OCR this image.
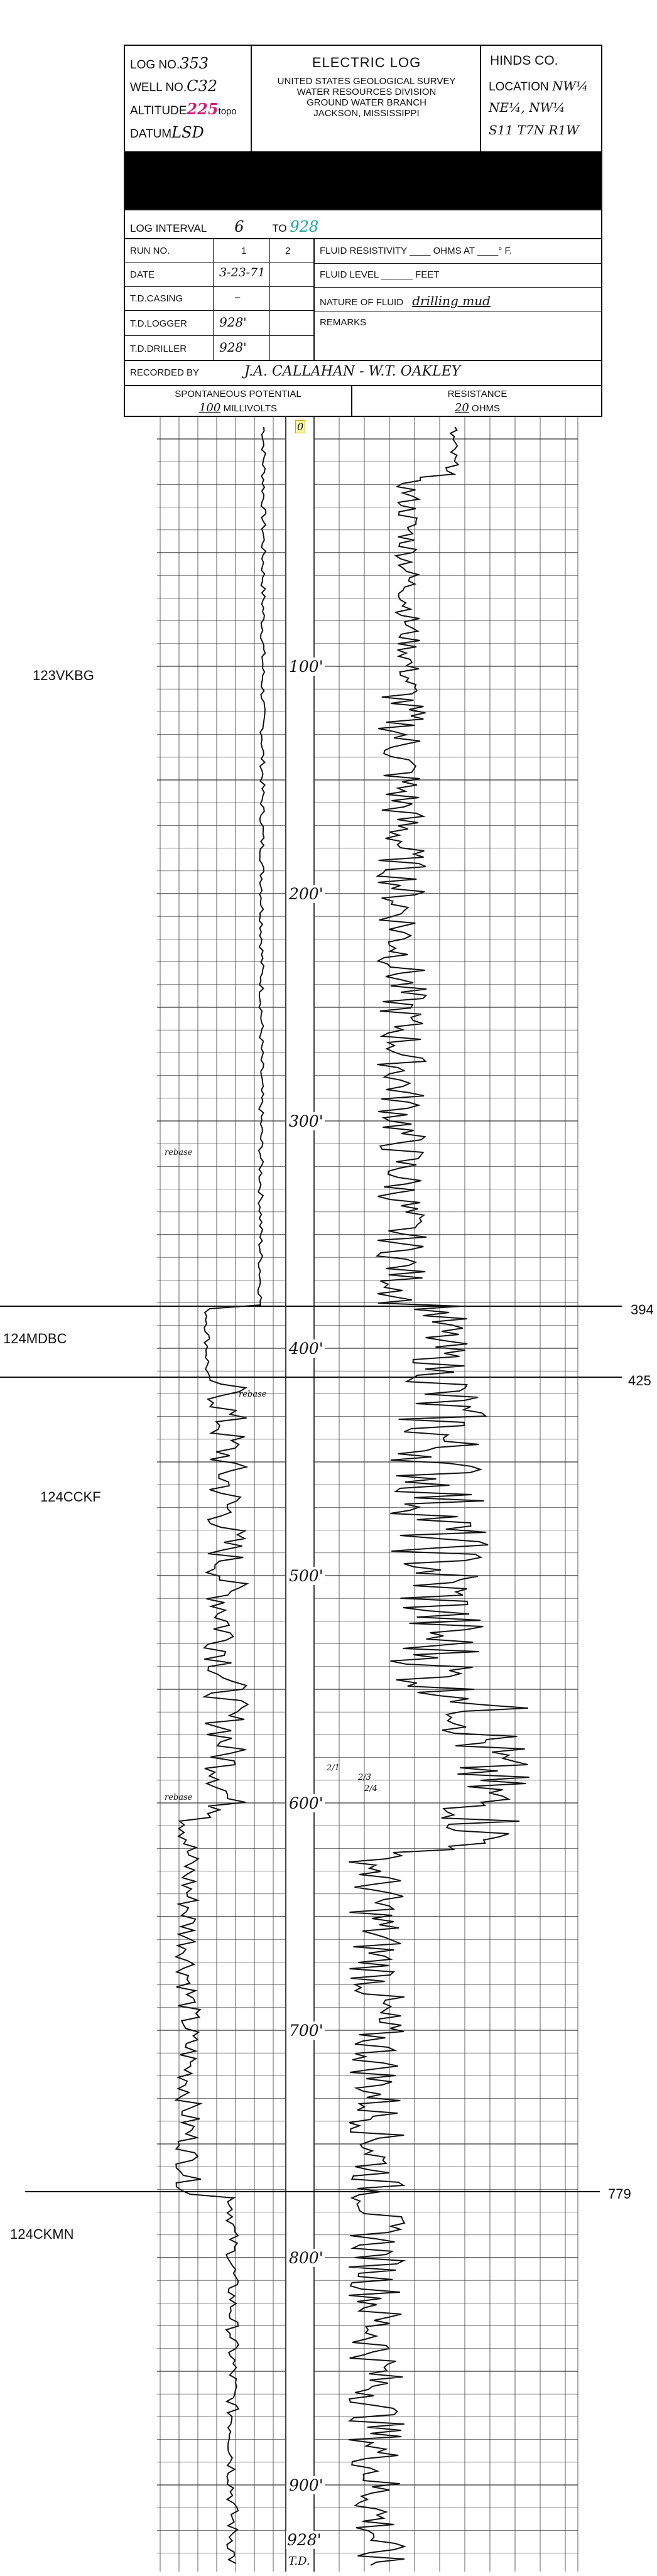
LOG NO.353
WELL NO.C32
ALTITUDE225topo
DATUMLSD
ELECTRIC LOG
UNITED STATES GEOLOGICAL SURVEY
WATER RESOURCES DIVISION
GROUND WATER BRANCH
JACKSON, MISSISSIPPI
HINDS CO.
LOCATION NW¼
NE¼, NW¼
S11 T7N R1W
LOG INTERVAL 6	TO 928
RUN NO.	1	2
DATE	3-23-71
T.D.CASING	–
T.D.LOGGER	928'
T.D.DRILLER	928'
FLUID RESISTIVITY ____ OHMS AT ____° F.
FLUID LEVEL ______ FEET
NATURE OF FLUID drilling mud
REMARKS
RECORDED BY	J.A. CALLAHAN - W.T. OAKLEY
SPONTANEOUS POTENTIAL
100 MILLIVOLTS
RESISTANCE
20 OHMS
0
100'
200'
300'
400'
500'
600'
700'
800'
900'
928'
T.D.
rebase
rebase
rebase
2/1
2/3
2/4
123VKBG
124MDBC
124CCKF
124CKMN
394
425
779
